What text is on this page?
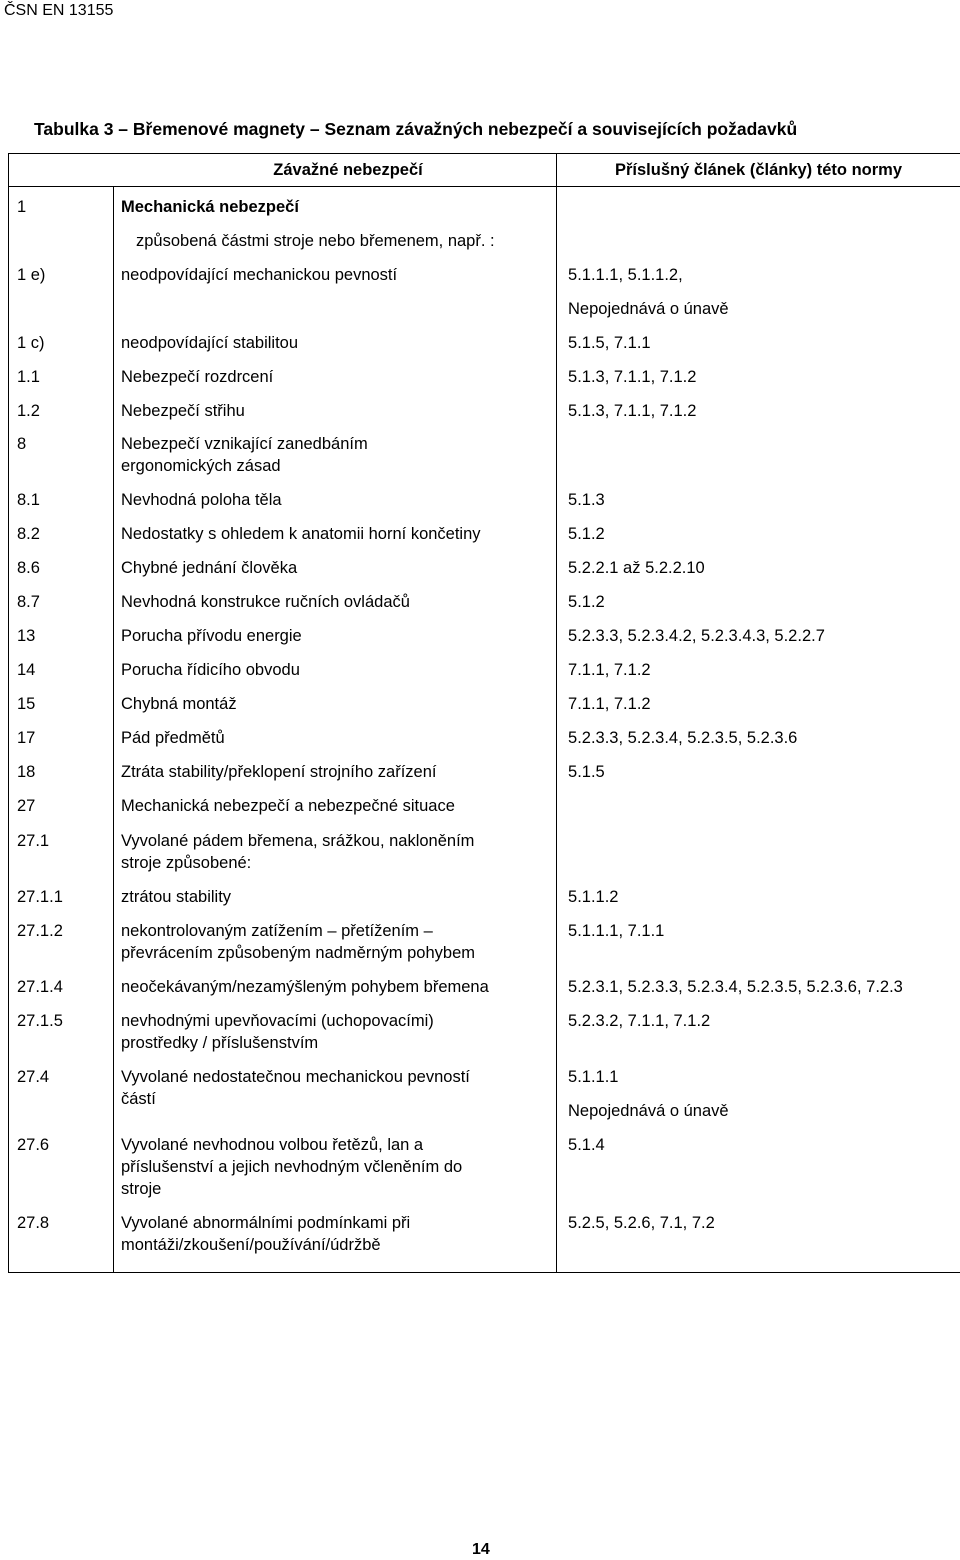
ČSN EN 13155
Tabulka 3 – Břemenové magnety – Seznam závažných nebezpečí a souvisejících požadavků
Závažné nebezpečí		Příslušný článek (články) této normy
1	Mechanická nebezpečí
způsobená částmi stroje nebo břemenem, např. :	

1 e)	neodpovídající mechanickou pevností	5.1.1.1, 5.1.1.2,
Nepojednává o únavě

1 c)	neodpovídající stabilitou	5.1.5, 7.1.1
1.1	Nebezpečí rozdrcení	5.1.3, 7.1.1, 7.1.2
1.2	Nebezpečí střihu	5.1.3, 7.1.1, 7.1.2
8	Nebezpečí vznikající zanedbáním
ergonomických zásad	

8.1	Nevhodná poloha těla	5.1.3
8.2	Nedostatky s ohledem k anatomii horní končetiny	5.1.2
8.6	Chybné jednání člověka	5.2.2.1 až 5.2.2.10
8.7	Nevhodná konstrukce ručních ovládačů	5.1.2
13	Porucha přívodu energie	5.2.3.3, 5.2.3.4.2, 5.2.3.4.3, 5.2.2.7
14	Porucha řídicího obvodu	7.1.1, 7.1.2
15	Chybná montáž	7.1.1, 7.1.2
17	Pád předmětů	5.2.3.3, 5.2.3.4, 5.2.3.5, 5.2.3.6
18	Ztráta stability/překlopení strojního zařízení	5.1.5
27	Mechanická nebezpečí a nebezpečné situace	
27.1	Vyvolané pádem břemena, srážkou, nakloněním
stroje způsobené:	

27.1.1	ztrátou stability	5.1.1.2
27.1.2	nekontrolovaným zatížením – přetížením –
převrácením způsobeným nadměrným pohybem	5.1.1.1, 7.1.1
27.1.4	neočekávaným/nezamýšleným pohybem břemena	5.2.3.1, 5.2.3.3, 5.2.3.4, 5.2.3.5, 5.2.3.6, 7.2.3
27.1.5	nevhodnými upevňovacími (uchopovacími)
prostředky / příslušenstvím	5.2.3.2, 7.1.1, 7.1.2
27.4	Vyvolané nedostatečnou mechanickou pevností
částí	5.1.1.1
Nepojednává o únavě

27.6	Vyvolané nevhodnou volbou řetězů, lan a
příslušenství a jejich nevhodným včleněním do
stroje	5.1.4
27.8	Vyvolané abnormálními podmínkami při
montáži/zkoušení/používání/údržbě	5.2.5, 5.2.6, 7.1, 7.2
14
